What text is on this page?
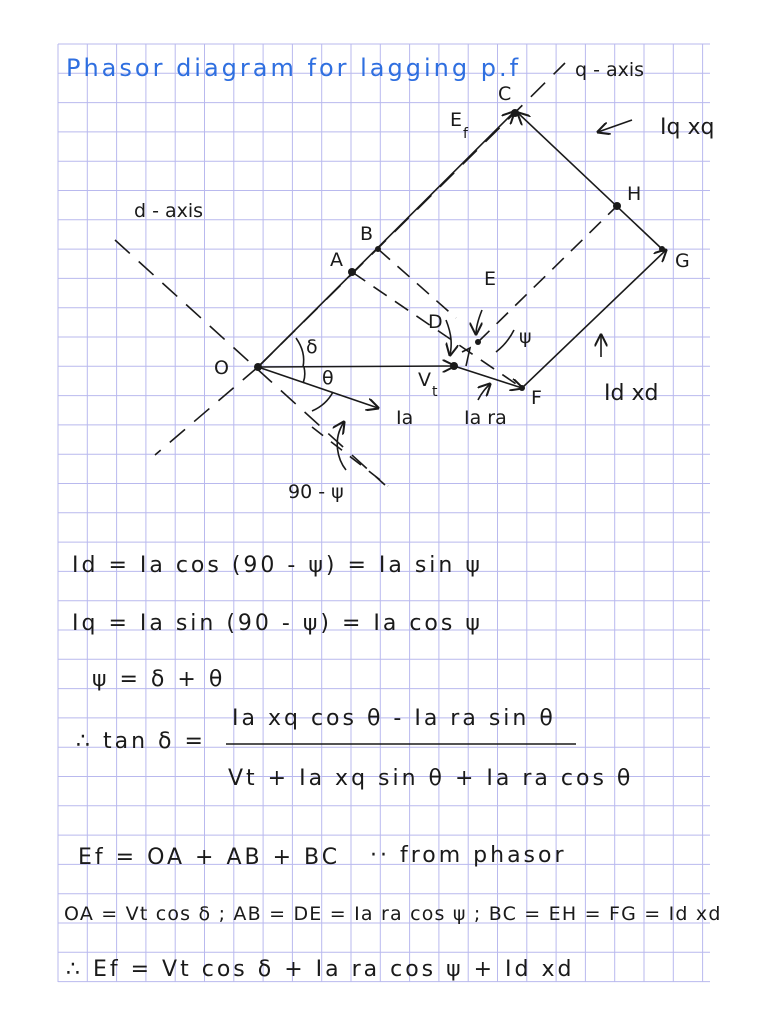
Phasor diagram for lagging p.f	q - axis
d - axis
O
A
B
C
D
E
F
G
H
E
f
V
t
Ia	Ia ra
Iq xq
Id xd
δ
θ
ψ
90 - ψ
Id = Ia cos (90 - ψ) = Ia sin ψ
Iq = Ia sin (90 - ψ) = Ia cos ψ
ψ = δ + θ
∴ tan δ =
Ia xq cos θ - Ia ra sin θ
Vt + Ia xq sin θ + Ia ra cos θ
Ef = OA + AB + BC ·· from phasor
OA = Vt cos δ ; AB = DE = Ia ra cos ψ ; BC = EH = FG = Id xd
∴ Ef = Vt cos δ + Ia ra cos ψ + Id xd
